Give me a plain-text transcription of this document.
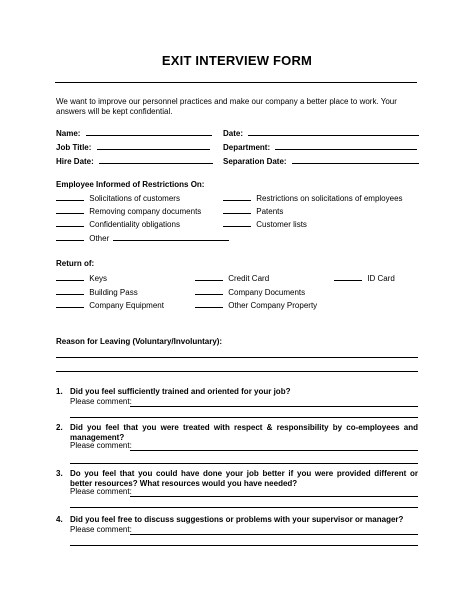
EXIT INTERVIEW FORM
We want to improve our personnel practices and make our company a better place to work. Your answers will be kept confidential.
Name:	Date:
Job Title:	Department:
Hire Date:	Separation Date:
Employee Informed of Restrictions On:
Solicitations of customers	Restrictions on solicitations of employees
Removing company documents	Patents
Confidentiality obligations	Customer lists
Other
Return of:
Keys	Credit Card	ID Card
Building Pass	Company Documents
Company Equipment	Other Company Property
Reason for Leaving (Voluntary/Involuntary):
1. Did you feel sufficiently trained and oriented for your job?
Please comment:
2. Did you feel that you were treated with respect & responsibility by co-employees and management?
Please comment:
3. Do you feel that you could have done your job better if you were provided different or better resources? What resources would you have needed?
Please comment:
4. Did you feel free to discuss suggestions or problems with your supervisor or manager?
Please comment:
